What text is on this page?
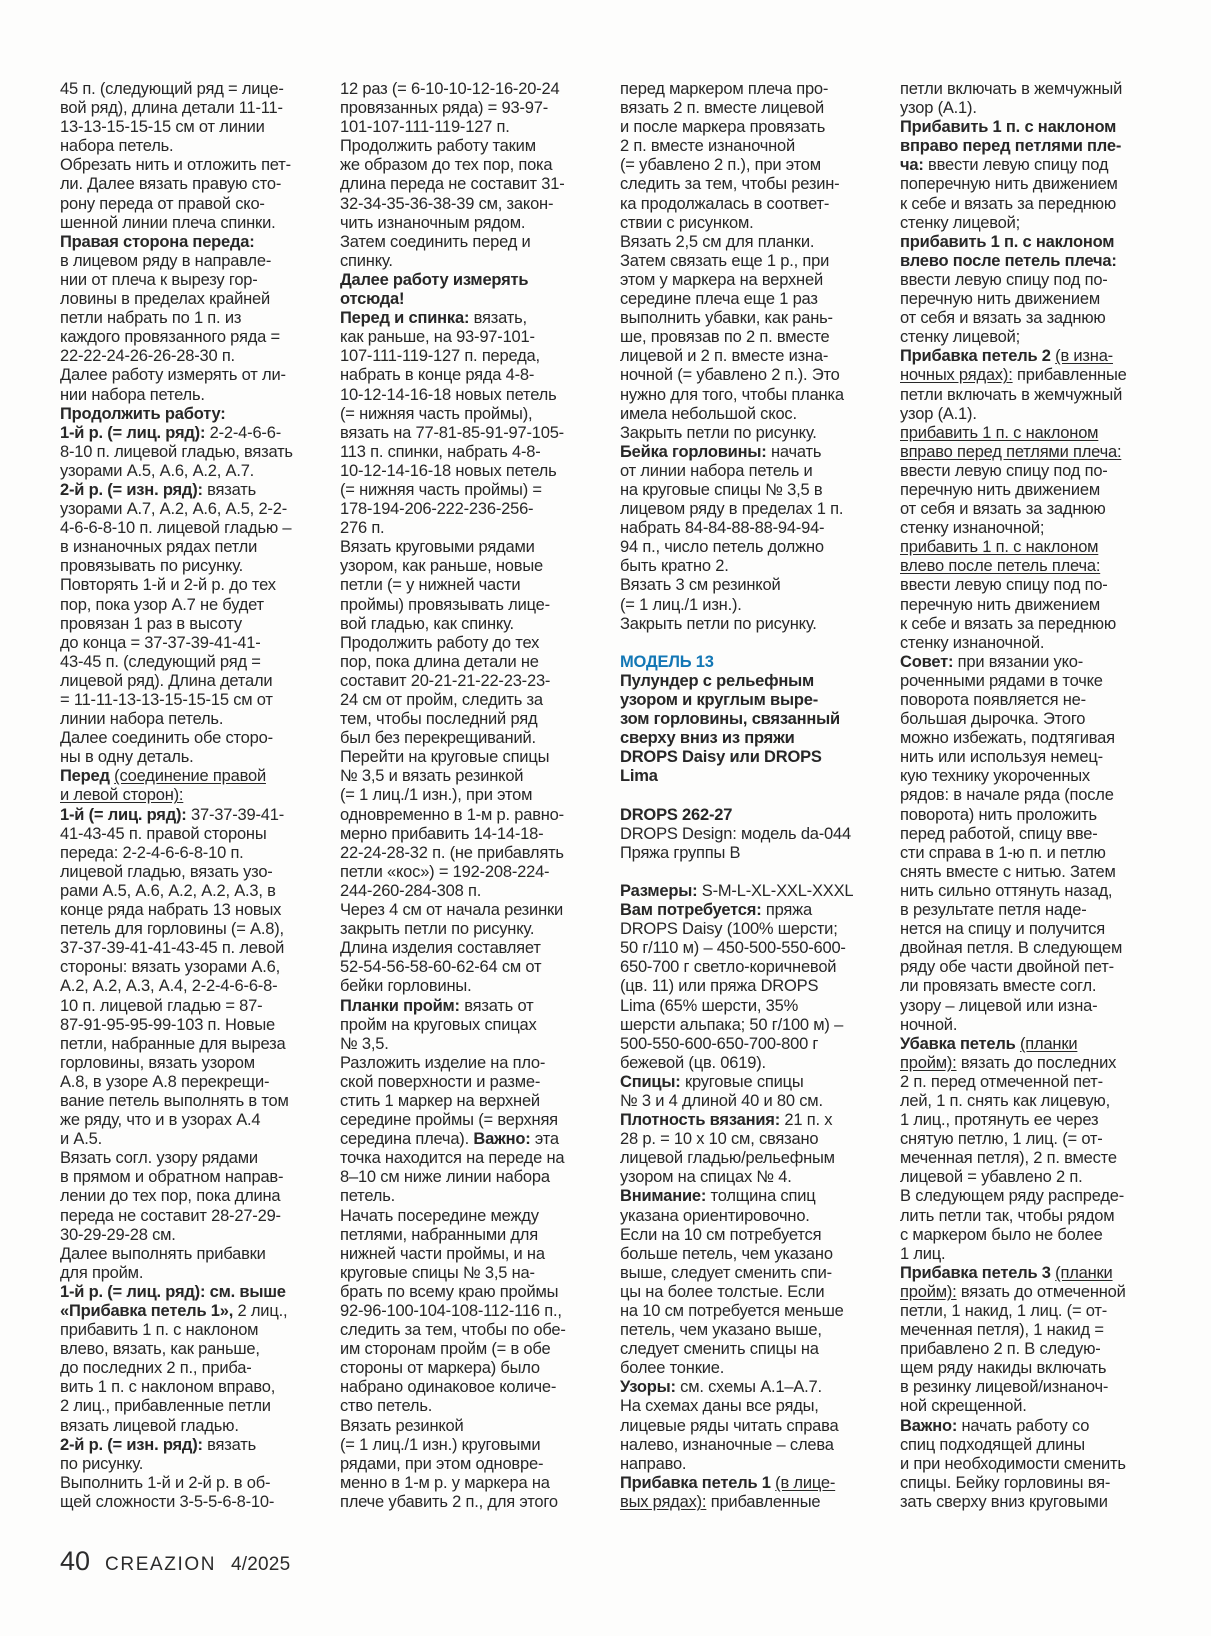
45 п. (следующий ряд = лице-
вой ряд), длина детали 11-11-
13-13-15-15-15 см от линии
набора петель.
Обрезать нить и отложить пет-
ли. Далее вязать правую сто-
рону переда от правой ско-
шенной линии плеча спинки.
Правая сторона переда:
в лицевом ряду в направле-
нии от плеча к вырезу гор-
ловины в пределах крайней
петли набрать по 1 п. из
каждого провязанного ряда =
22-22-24-26-26-28-30 п.
Далее работу измерять от ли-
нии набора петель.
Продолжить работу:
1-й р. (= лиц. ряд): 2-2-4-6-6-
8-10 п. лицевой гладью, вязать
узорами А.5, А.6, А.2, А.7.
2-й р. (= изн. ряд): вязать
узорами А.7, А.2, А.6, А.5, 2-2-
4-6-6-8-10 п. лицевой гладью –
в изнаночных рядах петли
провязывать по рисунку.
Повторять 1-й и 2-й р. до тех
пор, пока узор А.7 не будет
провязан 1 раз в высоту
до конца = 37-37-39-41-41-
43-45 п. (следующий ряд =
лицевой ряд). Длина детали
= 11-11-13-13-15-15-15 см от
линии набора петель.
Далее соединить обе сторо-
ны в одну деталь.
Перед (соединение правой
и левой сторон):
1-й (= лиц. ряд): 37-37-39-41-
41-43-45 п. правой стороны
переда: 2-2-4-6-6-8-10 п.
лицевой гладью, вязать узо-
рами А.5, А.6, А.2, А.2, А.3, в
конце ряда набрать 13 новых
петель для горловины (= А.8),
37-37-39-41-41-43-45 п. левой
стороны: вязать узорами А.6,
А.2, А.2, А.3, А.4, 2-2-4-6-6-8-
10 п. лицевой гладью = 87-
87-91-95-95-99-103 п. Новые
петли, набранные для выреза
горловины, вязать узором
А.8, в узоре А.8 перекрещи-
вание петель выполнять в том
же ряду, что и в узорах А.4
и А.5.
Вязать согл. узору рядами
в прямом и обратном направ-
лении до тех пор, пока длина
переда не составит 28-27-29-
30-29-29-28 см.
Далее выполнять прибавки
для пройм.
1-й р. (= лиц. ряд): см. выше
«Прибавка петель 1», 2 лиц.,
прибавить 1 п. с наклоном
влево, вязать, как раньше,
до последних 2 п., приба-
вить 1 п. с наклоном вправо,
2 лиц., прибавленные петли
вязать лицевой гладью.
2-й р. (= изн. ряд): вязать
по рисунку.
Выполнить 1-й и 2-й р. в об-
щей сложности 3-5-5-6-8-10-
12 раз (= 6-10-10-12-16-20-24
провязанных ряда) = 93-97-
101-107-111-119-127 п.
Продолжить работу таким
же образом до тех пор, пока
длина переда не составит 31-
32-34-35-36-38-39 см, закон-
чить изнаночным рядом.
Затем соединить перед и
спинку.
Далее работу измерять
отсюда!
Перед и спинка: вязать,
как раньше, на 93-97-101-
107-111-119-127 п. переда,
набрать в конце ряда 4-8-
10-12-14-16-18 новых петель
(= нижняя часть проймы),
вязать на 77-81-85-91-97-105-
113 п. спинки, набрать 4-8-
10-12-14-16-18 новых петель
(= нижняя часть проймы) =
178-194-206-222-236-256-
276 п.
Вязать круговыми рядами
узором, как раньше, новые
петли (= у нижней части
проймы) провязывать лице-
вой гладью, как спинку.
Продолжить работу до тех
пор, пока длина детали не
составит 20-21-21-22-23-23-
24 см от пройм, следить за
тем, чтобы последний ряд
был без перекрещиваний.
Перейти на круговые спицы
№ 3,5 и вязать резинкой
(= 1 лиц./1 изн.), при этом
одновременно в 1-м р. равно-
мерно прибавить 14-14-18-
22-24-28-32 п. (не прибавлять
петли «кос») = 192-208-224-
244-260-284-308 п.
Через 4 см от начала резинки
закрыть петли по рисунку.
Длина изделия составляет
52-54-56-58-60-62-64 см от
бейки горловины.
Планки пройм: вязать от
пройм на круговых спицах
№ 3,5.
Разложить изделие на пло-
ской поверхности и разме-
стить 1 маркер на верхней
середине проймы (= верхняя
середина плеча). Важно: эта
точка находится на переде на
8–10 см ниже линии набора
петель.
Начать посередине между
петлями, набранными для
нижней части проймы, и на
круговые спицы № 3,5 на-
брать по всему краю проймы
92-96-100-104-108-112-116 п.,
следить за тем, чтобы по обе-
им сторонам пройм (= в обе
стороны от маркера) было
набрано одинаковое количе-
ство петель.
Вязать резинкой
(= 1 лиц./1 изн.) круговыми
рядами, при этом одновре-
менно в 1-м р. у маркера на
плече убавить 2 п., для этого
перед маркером плеча про-
вязать 2 п. вместе лицевой
и после маркера провязать
2 п. вместе изнаночной
(= убавлено 2 п.), при этом
следить за тем, чтобы резин-
ка продолжалась в соответ-
ствии с рисунком.
Вязать 2,5 см для планки.
Затем связать еще 1 р., при
этом у маркера на верхней
середине плеча еще 1 раз
выполнить убавки, как рань-
ше, провязав по 2 п. вместе
лицевой и 2 п. вместе изна-
ночной (= убавлено 2 п.). Это
нужно для того, чтобы планка
имела небольшой скос.
Закрыть петли по рисунку.
Бейка горловины: начать
от линии набора петель и
на круговые спицы № 3,5 в
лицевом ряду в пределах 1 п.
набрать 84-84-88-88-94-94-
94 п., число петель должно
быть кратно 2.
Вязать 3 см резинкой
(= 1 лиц./1 изн.).
Закрыть петли по рисунку.
МОДЕЛЬ 13
Пулундер с рельефным
узором и круглым выре-
зом горловины, связанный
сверху вниз из пряжи
DROPS Daisy или DROPS
Lima
DROPS 262-27
DROPS Design: модель da-044
Пряжа группы B
Размеры: S-M-L-XL-XXL-XXXL
Вам потребуется: пряжа
DROPS Daisy (100% шерсти;
50 г/110 м) – 450-500-550-600-
650-700 г светло-коричневой
(цв. 11) или пряжа DROPS
Lima (65% шерсти, 35%
шерсти альпака; 50 г/100 м) –
500-550-600-650-700-800 г
бежевой (цв. 0619).
Спицы: круговые спицы
№ 3 и 4 длиной 40 и 80 см.
Плотность вязания: 21 п. х
28 р. = 10 х 10 см, связано
лицевой гладью/рельефным
узором на спицах № 4.
Внимание: толщина спиц
указана ориентировочно.
Если на 10 см потребуется
больше петель, чем указано
выше, следует сменить спи-
цы на более толстые. Если
на 10 см потребуется меньше
петель, чем указано выше,
следует сменить спицы на
более тонкие.
Узоры: см. схемы А.1–А.7.
На схемах даны все ряды,
лицевые ряды читать справа
налево, изнаночные – слева
направо.
Прибавка петель 1 (в лице-
вых рядах): прибавленные
петли включать в жемчужный
узор (А.1).
Прибавить 1 п. с наклоном
вправо перед петлями пле-
ча: ввести левую спицу под
поперечную нить движением
к себе и вязать за переднюю
стенку лицевой;
прибавить 1 п. с наклоном
влево после петель плеча:
ввести левую спицу под по-
перечную нить движением
от себя и вязать за заднюю
стенку лицевой;
Прибавка петель 2 (в изна-
ночных рядах): прибавленные
петли включать в жемчужный
узор (А.1).
прибавить 1 п. с наклоном
вправо перед петлями плеча:
ввести левую спицу под по-
перечную нить движением
от себя и вязать за заднюю
стенку изнаночной;
прибавить 1 п. с наклоном
влево после петель плеча:
ввести левую спицу под по-
перечную нить движением
к себе и вязать за переднюю
стенку изнаночной.
Совет: при вязании уко-
роченными рядами в точке
поворота появляется не-
большая дырочка. Этого
можно избежать, подтягивая
нить или используя немец-
кую технику укороченных
рядов: в начале ряда (после
поворота) нить проложить
перед работой, спицу вве-
сти справа в 1-ю п. и петлю
снять вместе с нитью. Затем
нить сильно оттянуть назад,
в результате петля наде-
нется на спицу и получится
двойная петля. В следующем
ряду обе части двойной пет-
ли провязать вместе согл.
узору – лицевой или изна-
ночной.
Убавка петель (планки
пройм): вязать до последних
2 п. перед отмеченной пет-
лей, 1 п. снять как лицевую,
1 лиц., протянуть ее через
снятую петлю, 1 лиц. (= от-
меченная петля), 2 п. вместе
лицевой = убавлено 2 п.
В следующем ряду распреде-
лить петли так, чтобы рядом
с маркером было не более
1 лиц.
Прибавка петель 3 (планки
пройм): вязать до отмеченной
петли, 1 накид, 1 лиц. (= от-
меченная петля), 1 накид =
прибавлено 2 п. В следую-
щем ряду накиды включать
в резинку лицевой/изнаноч-
ной скрещенной.
Важно: начать работу со
спиц подходящей длины
и при необходимости сменить
спицы. Бейку горловины вя-
зать сверху вниз круговыми
40 CREAZION 4/2025
